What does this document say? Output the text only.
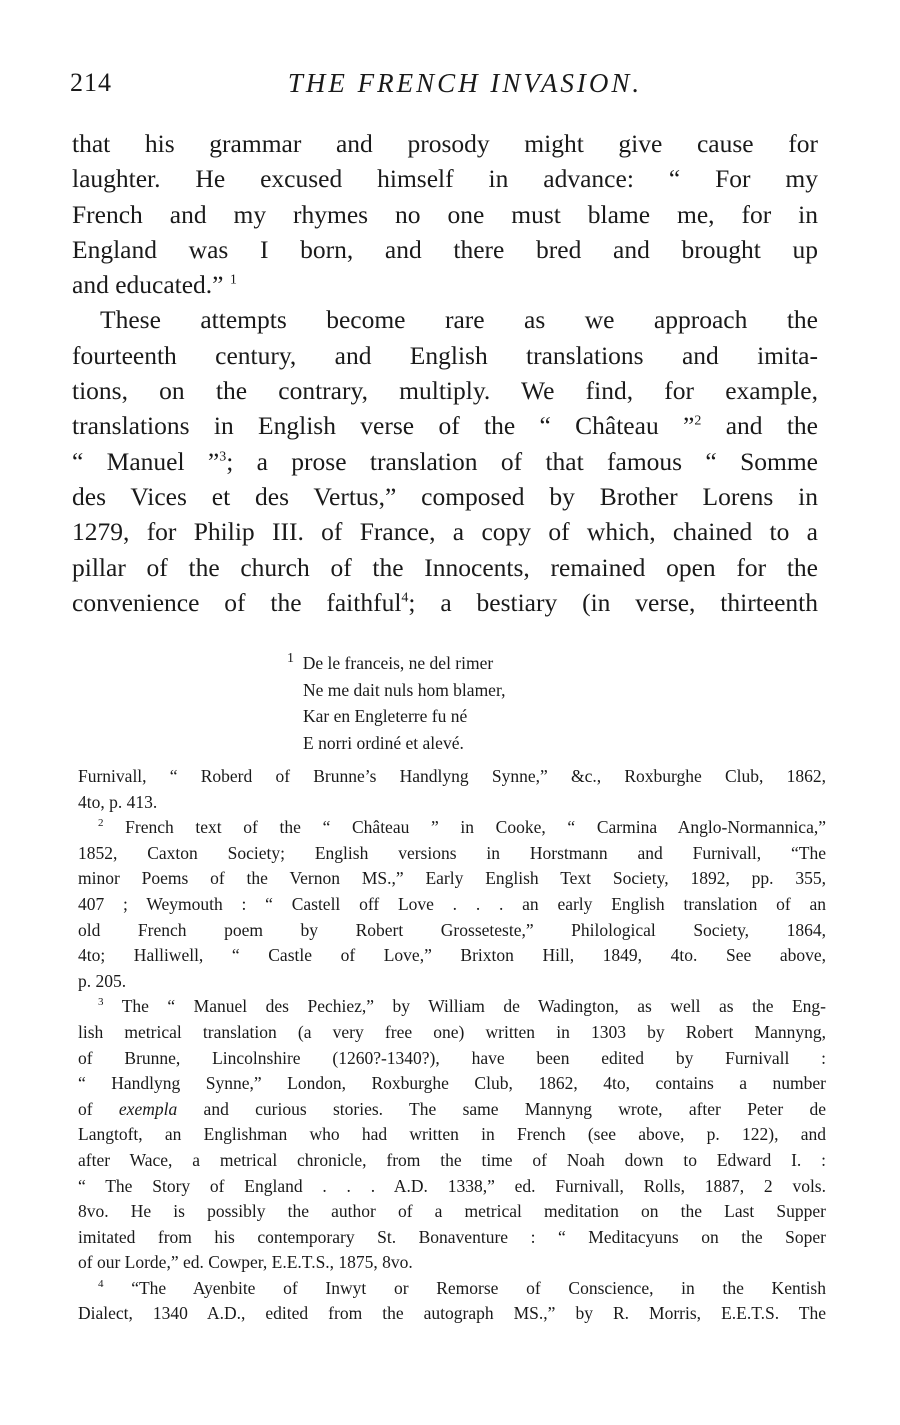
214	THE FRENCH INVASION.

that his grammar and prosody might give cause for

laughter. He excused himself in advance: “ For my

French and my rhymes no one must blame me, for in

England was I born, and there bred and brought up

and educated.” $^1$

These attempts become rare as we approach the

fourteenth century, and English translations and imita-

tions, on the contrary, multiply. We find, for example,

translations in English verse of the “ Château ”$^2$ and the

“ Manuel ”$^3$; a prose translation of that famous “ Somme

des Vices et des Vertus,” composed by Brother Lorens in

1279, for Philip III. of France, a copy of which, chained to a

pillar of the church of the Innocents, remained open for the

convenience of the faithful$^4$; a bestiary (in verse, thirteenth

$^1$ De le franceis, ne del rimer
Ne me dait nuls hom blamer,
Kar en Engleterre fu né
E norri ordiné et alevé.

Furnivall, “ Roberd of Brunne’s Handlyng Synne,” &c., Roxburghe Club, 1862,

4to, p. 413.

$^2$ French text of the “ Château ” in Cooke, “ Carmina Anglo-Normannica,”

1852, Caxton Society; English versions in Horstmann and Furnivall, “The

minor Poems of the Vernon MS.,” Early English Text Society, 1892, pp. 355,

407 ; Weymouth : “ Castell off Love . . . an early English translation of an

old French poem by Robert Grosseteste,” Philological Society, 1864,

4to; Halliwell, “ Castle of Love,” Brixton Hill, 1849, 4to. See above,

p. 205.

$^3$ The “ Manuel des Pechiez,” by William de Wadington, as well as the Eng-

lish metrical translation (a very free one) written in 1303 by Robert Mannyng,

of Brunne, Lincolnshire (1260?-1340?), have been edited by Furnivall :

“ Handlyng Synne,” London, Roxburghe Club, 1862, 4to, contains a number

of exempla and curious stories. The same Mannyng wrote, after Peter de

Langtoft, an Englishman who had written in French (see above, p. 122), and

after Wace, a metrical chronicle, from the time of Noah down to Edward I. :

“ The Story of England . . . A.D. 1338,” ed. Furnivall, Rolls, 1887, 2 vols.

8vo. He is possibly the author of a metrical meditation on the Last Supper

imitated from his contemporary St. Bonaventure : “ Meditacyuns on the Soper

of our Lorde,” ed. Cowper, E.E.T.S., 1875, 8vo.

$^4$ “The Ayenbite of Inwyt or Remorse of Conscience, in the Kentish

Dialect, 1340 A.D., edited from the autograph MS.,” by R. Morris, E.E.T.S. The
